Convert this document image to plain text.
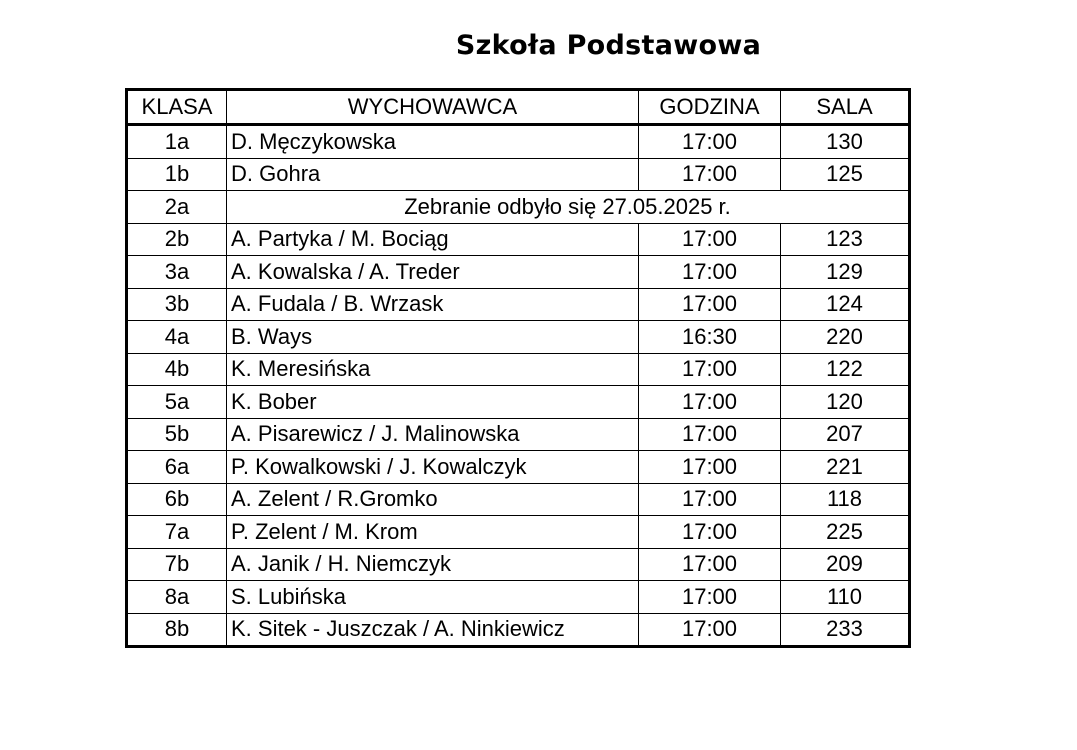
Szkoła Podstawowa
KLASA	WYCHOWAWCA	GODZINA	SALA
1a	D. Męczykowska	17:00	130
1b	D. Gohra	17:00	125
2a	Zebranie odbyło się 27.05.2025 r.		
2b	A. Partyka / M. Bociąg	17:00	123
3a	A. Kowalska / A. Treder	17:00	129
3b	A. Fudala / B. Wrzask	17:00	124
4a	B. Ways	16:30	220
4b	K. Meresińska	17:00	122
5a	K. Bober	17:00	120
5b	A. Pisarewicz / J. Malinowska	17:00	207
6a	P. Kowalkowski / J. Kowalczyk	17:00	221
6b	A. Zelent / R.Gromko	17:00	118
7a	P. Zelent / M. Krom	17:00	225
7b	A. Janik / H. Niemczyk	17:00	209
8a	S. Lubińska	17:00	110
8b	K. Sitek - Juszczak / A. Ninkiewicz	17:00	233
